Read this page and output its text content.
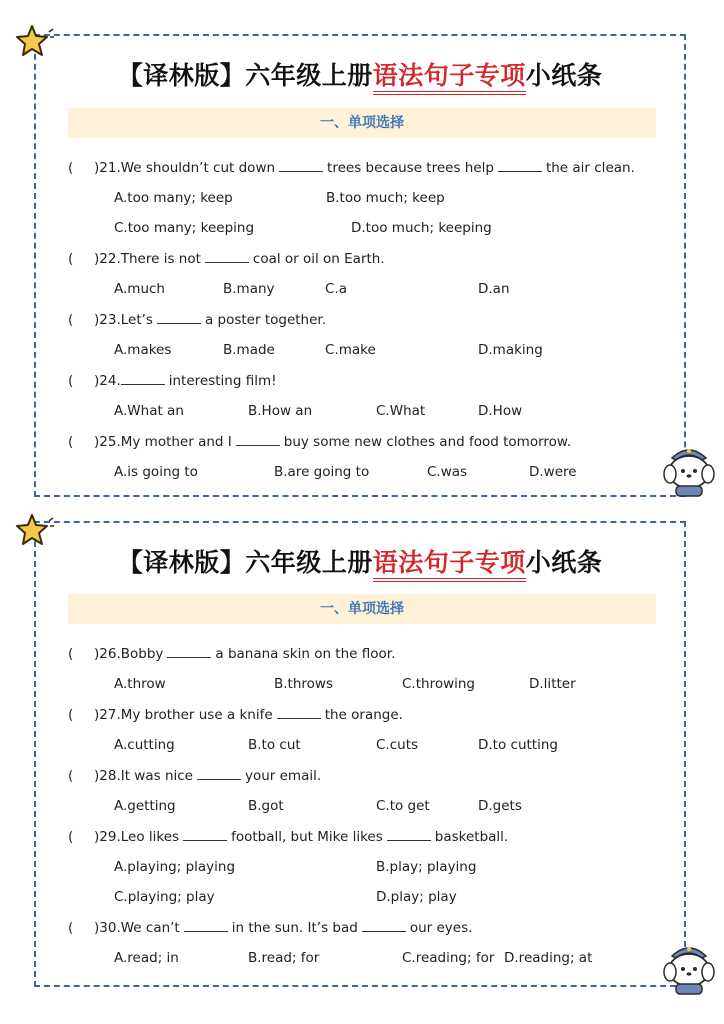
【译林版】六年级上册语法句子专项小纸条
一、单项选择
( )21.We shouldn’t cut down	trees because trees help	the air clean.
A.too many; keep	B.too much; keep
C.too many; keeping	D.too much; keeping
( )22.There is not	coal or oil on Earth.
A.much	B.many	C.a	D.an
( )23.Let’s	a poster together.
A.makes	B.made	C.make	D.making
( )24.	interesting film!
A.What an	B.How an	C.What	D.How
( )25.My mother and I	buy some new clothes and food tomorrow.
A.is going to	B.are going to	C.was	D.were
【译林版】六年级上册语法句子专项小纸条
一、单项选择
( )26.Bobby	a banana skin on the floor.
A.throw	B.throws	C.throwing	D.litter
( )27.My brother use a knife	the orange.
A.cutting	B.to cut	C.cuts	D.to cutting
( )28.It was nice	your email.
A.getting	B.got	C.to get	D.gets
( )29.Leo likes	football, but Mike likes	basketball.
A.playing; playing	B.play; playing
C.playing; play	D.play; play
( )30.We can’t	in the sun. It’s bad	our eyes.
A.read; in	B.read; for	C.reading; for D.reading; at
